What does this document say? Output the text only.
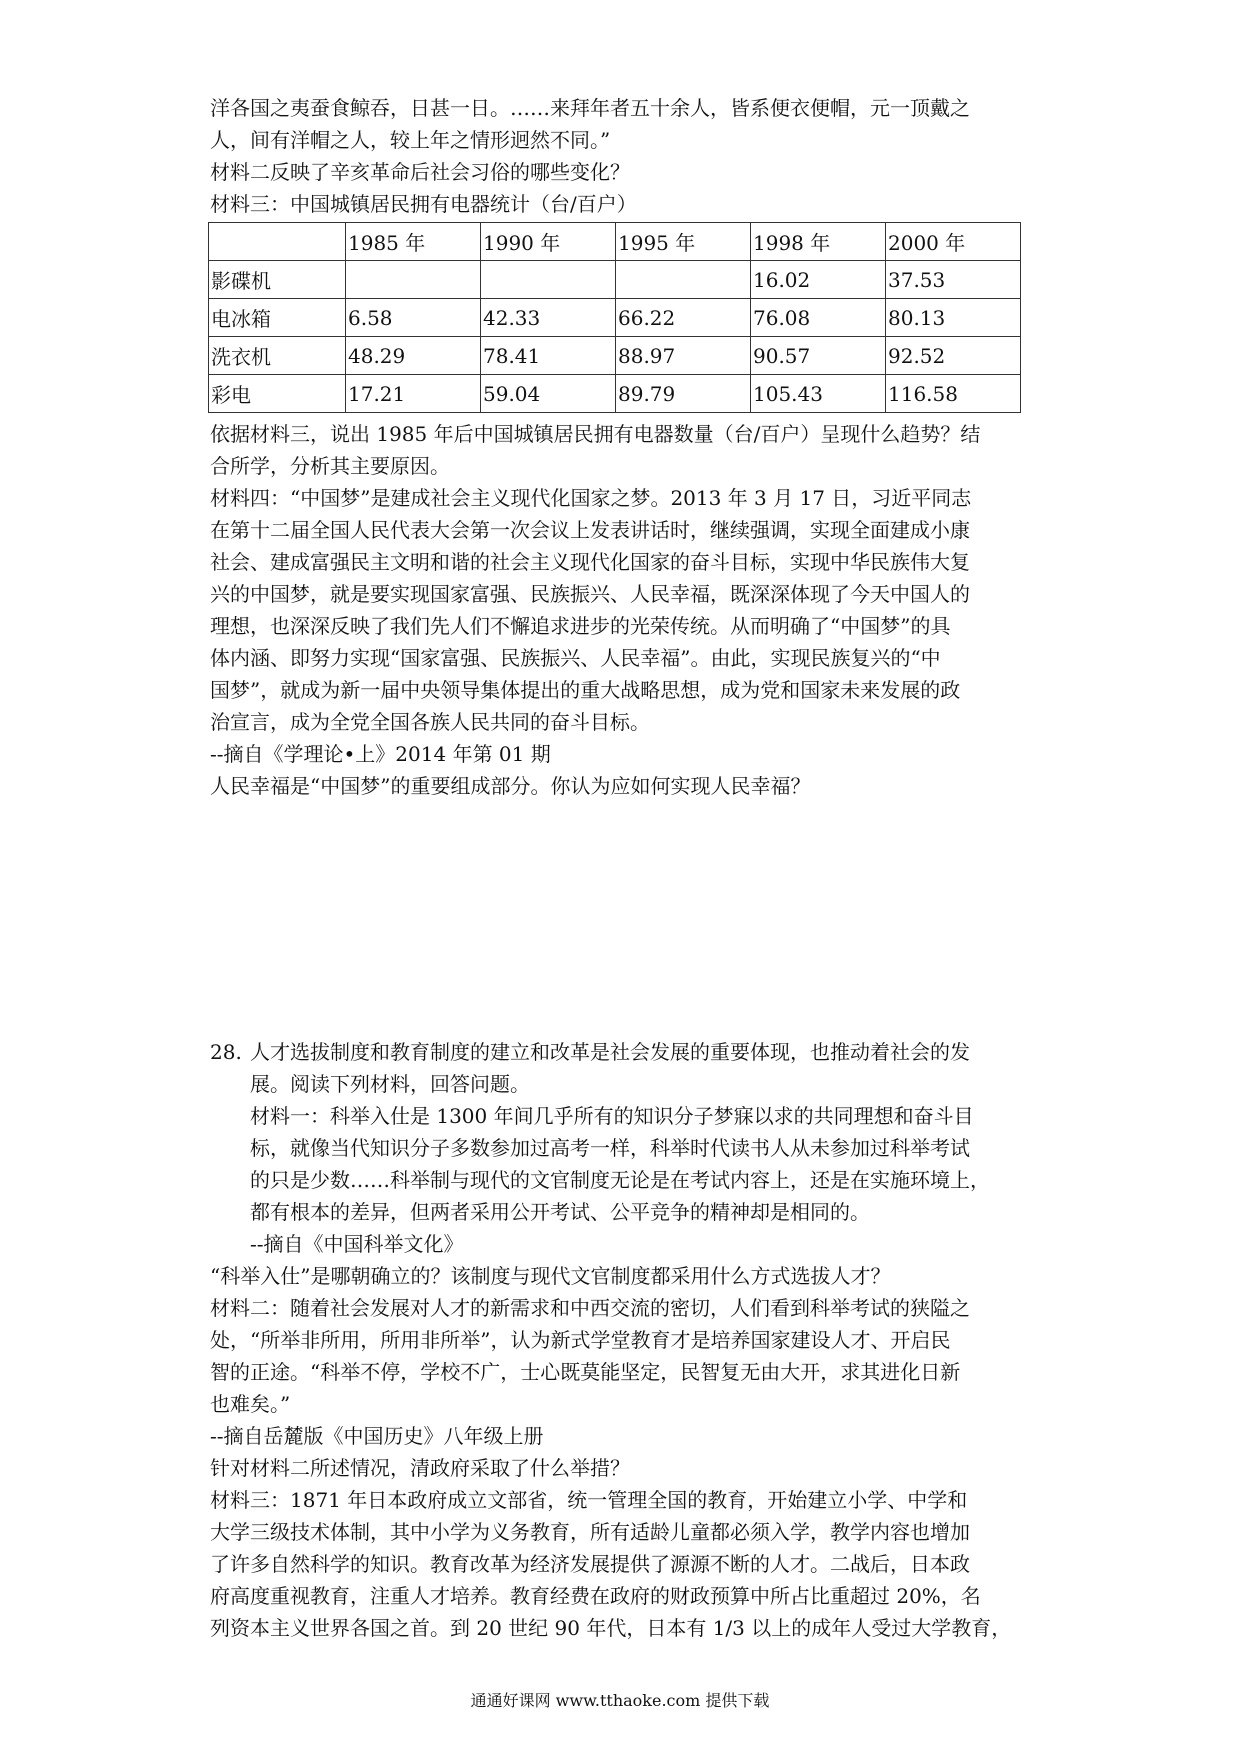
洋各国之夷蚕食鲸吞，日甚一日。……来拜年者五十余人，皆系便衣便帽，元一顶戴之
人，间有洋帽之人，较上年之情形迥然不同。”
材料二反映了辛亥革命后社会习俗的哪些变化？
材料三：中国城镇居民拥有电器统计（台/百户）
	1985 年	1990 年	1995 年	1998 年	2000 年
影碟机				16.02	37.53
电冰箱	6.58	42.33	66.22	76.08	80.13
洗衣机	48.29	78.41	88.97	90.57	92.52
彩电	17.21	59.04	89.79	105.43	116.58
依据材料三，说出 1985 年后中国城镇居民拥有电器数量（台/百户）呈现什么趋势？结
合所学，分析其主要原因。
材料四：“中国梦”是建成社会主义现代化国家之梦。2013 年 3 月 17 日，习近平同志
在第十二届全国人民代表大会第一次会议上发表讲话时，继续强调，实现全面建成小康
社会、建成富强民主文明和谐的社会主义现代化国家的奋斗目标，实现中华民族伟大复
兴的中国梦，就是要实现国家富强、民族振兴、人民幸福，既深深体现了今天中国人的
理想，也深深反映了我们先人们不懈追求进步的光荣传统。从而明确了“中国梦”的具
体内涵、即努力实现“国家富强、民族振兴、人民幸福”。由此，实现民族复兴的“中
国梦”，就成为新一届中央领导集体提出的重大战略思想，成为党和国家未来发展的政
治宣言，成为全党全国各族人民共同的奋斗目标。
--摘自《学理论•上》2014 年第 01 期
人民幸福是“中国梦”的重要组成部分。你认为应如何实现人民幸福？
28. 人才选拔制度和教育制度的建立和改革是社会发展的重要体现，也推动着社会的发
展。阅读下列材料，回答问题。
材料一：科举入仕是 1300 年间几乎所有的知识分子梦寐以求的共同理想和奋斗目
标，就像当代知识分子多数参加过高考一样，科举时代读书人从未参加过科举考试
的只是少数……科举制与现代的文官制度无论是在考试内容上，还是在实施环境上，
都有根本的差异，但两者采用公开考试、公平竞争的精神却是相同的。
--摘自《中国科举文化》
“科举入仕”是哪朝确立的？该制度与现代文官制度都采用什么方式选拔人才？
材料二：随着社会发展对人才的新需求和中西交流的密切，人们看到科举考试的狭隘之
处，“所举非所用，所用非所举”，认为新式学堂教育才是培养国家建设人才、开启民
智的正途。“科举不停，学校不广，士心既莫能坚定，民智复无由大开，求其进化日新
也难矣。”
--摘自岳麓版《中国历史》八年级上册
针对材料二所述情况，清政府采取了什么举措？
材料三：1871 年日本政府成立文部省，统一管理全国的教育，开始建立小学、中学和
大学三级技术体制，其中小学为义务教育，所有适龄儿童都必须入学，教学内容也增加
了许多自然科学的知识。教育改革为经济发展提供了源源不断的人才。二战后，日本政
府高度重视教育，注重人才培养。教育经费在政府的财政预算中所占比重超过 20%，名
列资本主义世界各国之首。到 20 世纪 90 年代，日本有 1/3 以上的成年人受过大学教育，
通通好课网 www.tthaoke.com 提供下载
